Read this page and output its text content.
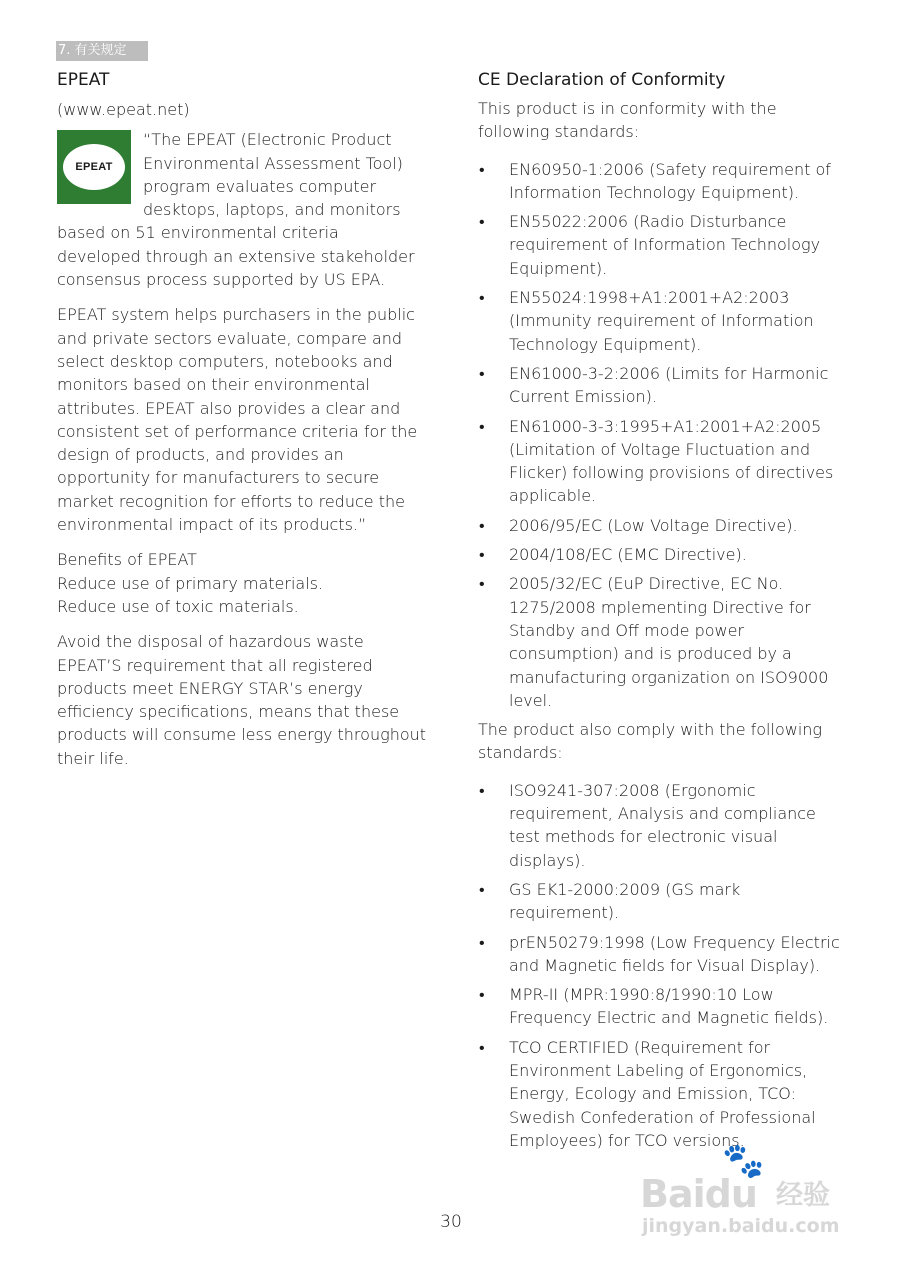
7. 有关规定
EPEAT

(www.epeat.net)

EPEAT

“The EPEAT (Electronic Product Environmental Assessment Tool) program evaluates computer desktops, laptops, and monitors based on 51 environmental criteria developed through an extensive stakeholder consensus process supported by US EPA.

EPEAT system helps purchasers in the public and private sectors evaluate, compare and select desktop computers, notebooks and monitors based on their environmental attributes. EPEAT also provides a clear and consistent set of performance criteria for the design of products, and provides an opportunity for manufacturers to secure market recognition for efforts to reduce the environmental impact of its products.”

Benefits of EPEAT

Reduce use of primary materials.

Reduce use of toxic materials.

Avoid the disposal of hazardous waste

EPEAT’S requirement that all registered products meet ENERGY STAR’s energy efficiency specifications, means that these products will consume less energy throughout their life.

CE Declaration of Conformity

This product is in conformity with the following standards:

• EN60950-1:2006 (Safety requirement of Information Technology Equipment).
• EN55022:2006 (Radio Disturbance requirement of Information Technology Equipment).
• EN55024:1998+A1:2001+A2:2003 (Immunity requirement of Information Technology Equipment).
• EN61000-3-2:2006 (Limits for Harmonic Current Emission).
• EN61000-3-3:1995+A1:2001+A2:2005 (Limitation of Voltage Fluctuation and Flicker) following provisions of directives applicable.
• 2006/95/EC (Low Voltage Directive).
• 2004/108/EC (EMC Directive).
• 2005/32/EC (EuP Directive, EC No. 1275/2008 mplementing Directive for Standby and Off mode power consumption) and is produced by a manufacturing organization on ISO9000 level.

The product also comply with the following standards:

• ISO9241-307:2008 (Ergonomic requirement, Analysis and compliance test methods for electronic visual displays).
• GS EK1-2000:2009 (GS mark requirement).
• prEN50279:1998 (Low Frequency Electric and Magnetic fields for Visual Display).
• MPR-II (MPR:1990:8/1990:10 Low Frequency Electric and Magnetic fields).
• TCO CERTIFIED (Requirement for Environment Labeling of Ergonomics, Energy, Ecology and Emission, TCO: Swedish Confederation of Professional Employees) for TCO versions.
30
🐾
Baidu 经验
jingyan.baidu.com
